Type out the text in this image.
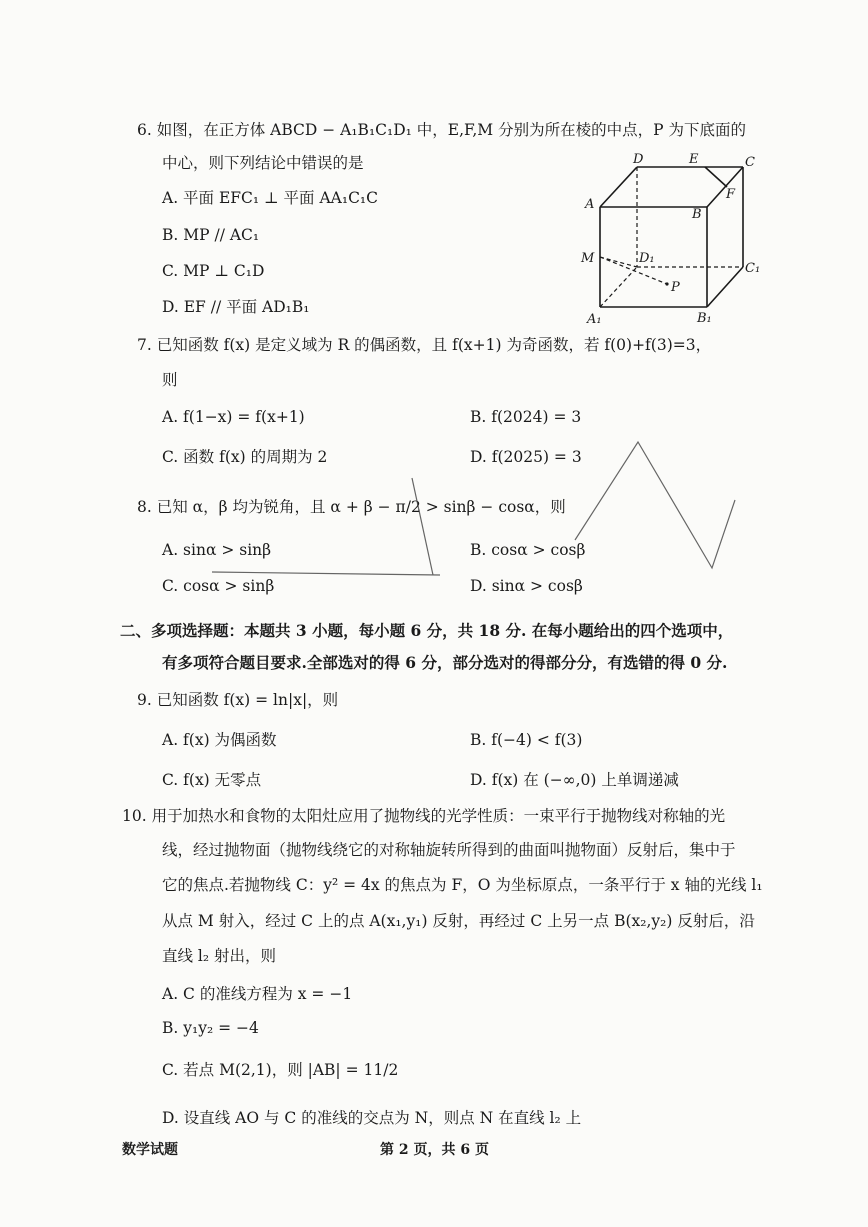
6. 如图，在正方体 ABCD − A₁B₁C₁D₁ 中，E,F,M 分别为所在棱的中点，P 为下底面的
中心，则下列结论中错误的是
A. 平面 EFC₁ ⊥ 平面 AA₁C₁C
B. MP // AC₁
C. MP ⊥ C₁D
D. EF // 平面 AD₁B₁
D	E	C
A
F
B
M	D₁
C₁
P
A₁	B₁
7. 已知函数 f(x) 是定义域为 R 的偶函数，且 f(x+1) 为奇函数，若 f(0)+f(3)=3，
则
A. f(1−x) = f(x+1)	B. f(2024) = 3
C. 函数 f(x) 的周期为 2	D. f(2025) = 3
8. 已知 α，β 均为锐角，且 α + β − π/2 > sinβ − cosα，则
A. sinα > sinβ	B. cosα > cosβ
C. cosα > sinβ	D. sinα > cosβ
二、多项选择题：本题共 3 小题，每小题 6 分，共 18 分. 在每小题给出的四个选项中，
有多项符合题目要求.全部选对的得 6 分，部分选对的得部分分，有选错的得 0 分.
9. 已知函数 f(x) = ln|x|，则
A. f(x) 为偶函数	B. f(−4) < f(3)
C. f(x) 无零点	D. f(x) 在 (−∞,0) 上单调递减
10. 用于加热水和食物的太阳灶应用了抛物线的光学性质：一束平行于抛物线对称轴的光
线，经过抛物面（抛物线绕它的对称轴旋转所得到的曲面叫抛物面）反射后，集中于
它的焦点.若抛物线 C：y² = 4x 的焦点为 F，O 为坐标原点，一条平行于 x 轴的光线 l₁
从点 M 射入，经过 C 上的点 A(x₁,y₁) 反射，再经过 C 上另一点 B(x₂,y₂) 反射后，沿
直线 l₂ 射出，则
A. C 的准线方程为 x = −1
B. y₁y₂ = −4
C. 若点 M(2,1)，则 |AB| = 11/2
D. 设直线 AO 与 C 的准线的交点为 N，则点 N 在直线 l₂ 上
数学试题	第 2 页，共 6 页
